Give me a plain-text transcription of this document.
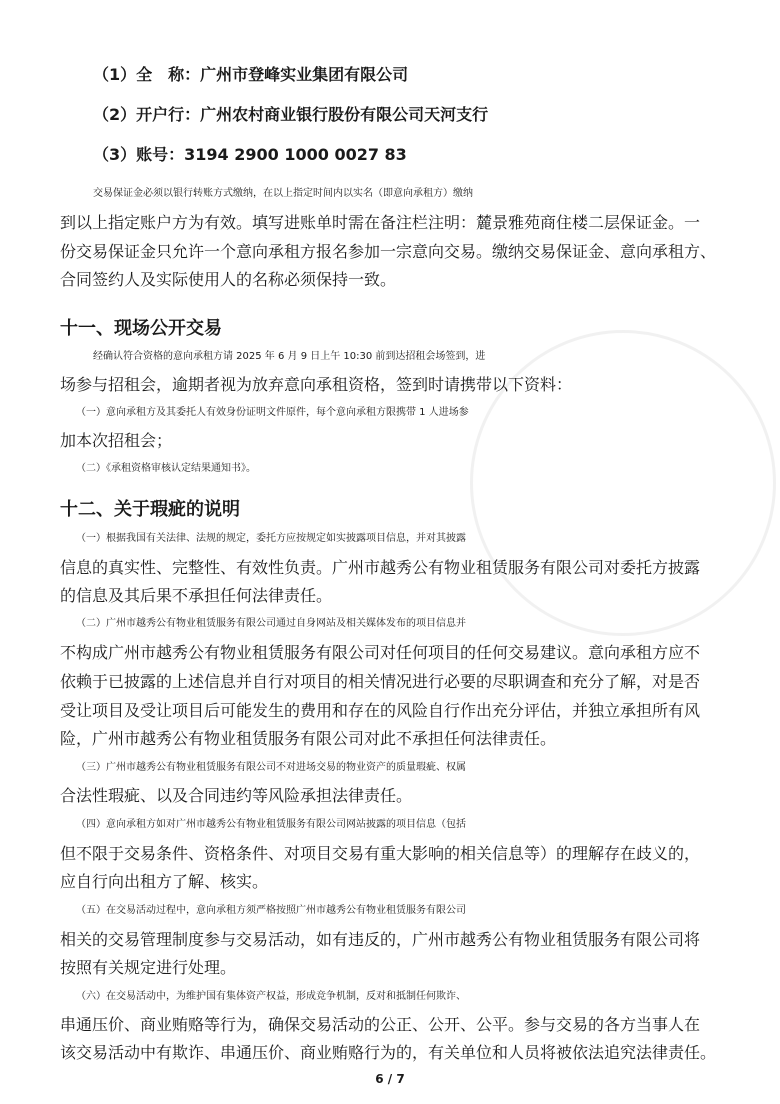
（1）全　称：广州市登峰实业集团有限公司
（2）开户行：广州农村商业银行股份有限公司天河支行
（3）账号：3194 2900 1000 0027 83
交易保证金必须以银行转账方式缴纳，在以上指定时间内以实名（即意向承租方）缴纳
到以上指定账户方为有效。填写进账单时需在备注栏注明：麓景雅苑商住楼二层保证金。一
份交易保证金只允许一个意向承租方报名参加一宗意向交易。缴纳交易保证金、意向承租方、
合同签约人及实际使用人的名称必须保持一致。
十一、现场公开交易
经确认符合资格的意向承租方请 2025 年 6 月 9 日上午 10:30 前到达招租会场签到，进
场参与招租会，逾期者视为放弃意向承租资格，签到时请携带以下资料：
（一）意向承租方及其委托人有效身份证明文件原件，每个意向承租方限携带 1 人进场参
加本次招租会；
（二）《承租资格审核认定结果通知书》。
十二、关于瑕疵的说明
（一）根据我国有关法律、法规的规定，委托方应按规定如实披露项目信息，并对其披露
信息的真实性、完整性、有效性负责。广州市越秀公有物业租赁服务有限公司对委托方披露
的信息及其后果不承担任何法律责任。
（二）广州市越秀公有物业租赁服务有限公司通过自身网站及相关媒体发布的项目信息并
不构成广州市越秀公有物业租赁服务有限公司对任何项目的任何交易建议。意向承租方应不
依赖于已披露的上述信息并自行对项目的相关情况进行必要的尽职调查和充分了解，对是否
受让项目及受让项目后可能发生的费用和存在的风险自行作出充分评估，并独立承担所有风
险，广州市越秀公有物业租赁服务有限公司对此不承担任何法律责任。
（三）广州市越秀公有物业租赁服务有限公司不对进场交易的物业资产的质量瑕疵、权属
合法性瑕疵、以及合同违约等风险承担法律责任。
（四）意向承租方如对广州市越秀公有物业租赁服务有限公司网站披露的项目信息（包括
但不限于交易条件、资格条件、对项目交易有重大影响的相关信息等）的理解存在歧义的，
应自行向出租方了解、核实。
（五）在交易活动过程中，意向承租方须严格按照广州市越秀公有物业租赁服务有限公司
相关的交易管理制度参与交易活动，如有违反的，广州市越秀公有物业租赁服务有限公司将
按照有关规定进行处理。
（六）在交易活动中，为维护国有集体资产权益，形成竞争机制，反对和抵制任何欺诈、
串通压价、商业贿赂等行为，确保交易活动的公正、公开、公平。参与交易的各方当事人在
该交易活动中有欺诈、串通压价、商业贿赂行为的，有关单位和人员将被依法追究法律责任。
6 / 7
